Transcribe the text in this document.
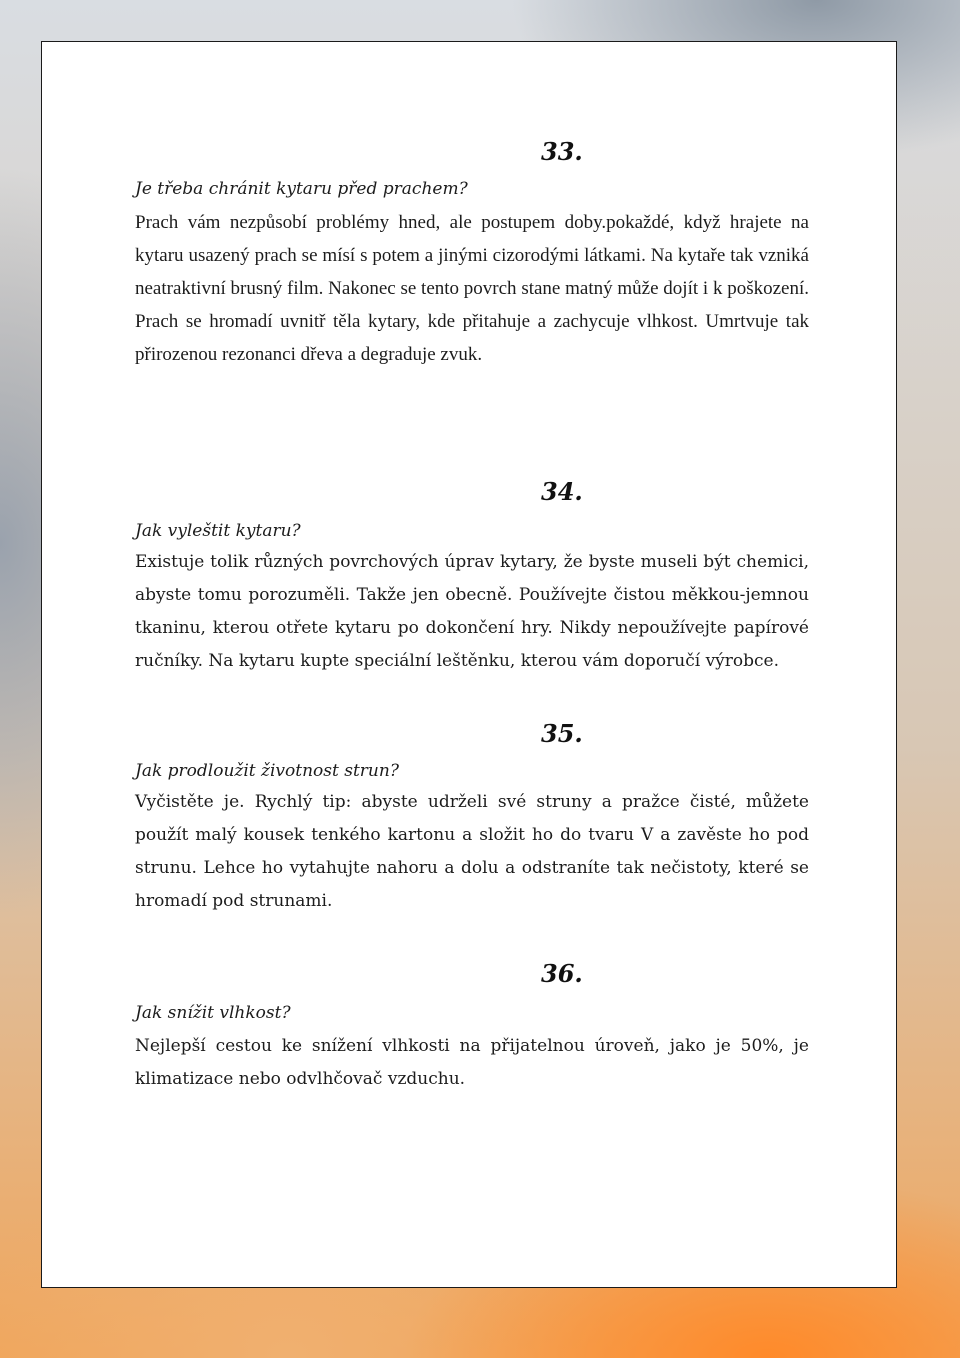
33.
Je třeba chránit kytaru před prachem?
Prach vám nezpůsobí problémy hned, ale postupem doby.pokaždé, když hrajete na kytaru usazený prach se mísí s potem a jinými cizorodými látkami. Na kytaře tak vzniká neatraktivní brusný film. Nakonec se tento povrch stane matný může dojít i k poškození. Prach se hromadí uvnitř těla kytary, kde přitahuje a zachycuje vlhkost. Umrtvuje tak přirozenou rezonanci dřeva a degraduje zvuk.
34.
Jak vyleštit kytaru?
Existuje tolik různých povrchových úprav kytary, že byste museli být chemici, abyste tomu porozuměli. Takže jen obecně. Používejte čistou měkkou-jemnou tkaninu, kterou otřete kytaru po dokončení hry. Nikdy nepoužívejte papírové ručníky. Na kytaru kupte speciální leštěnku, kterou vám doporučí výrobce.
35.
Jak prodloužit životnost strun?
Vyčistěte je. Rychlý tip: abyste udrželi své struny a pražce čisté, můžete použít malý kousek tenkého kartonu a složit ho do tvaru V a zavěste ho pod strunu. Lehce ho vytahujte nahoru a dolu a odstraníte tak nečistoty, které se hromadí pod strunami.
36.
Jak snížit vlhkost?
Nejlepší cestou ke snížení vlhkosti na přijatelnou úroveň, jako je 50%, je klimatizace nebo odvlhčovač vzduchu.
